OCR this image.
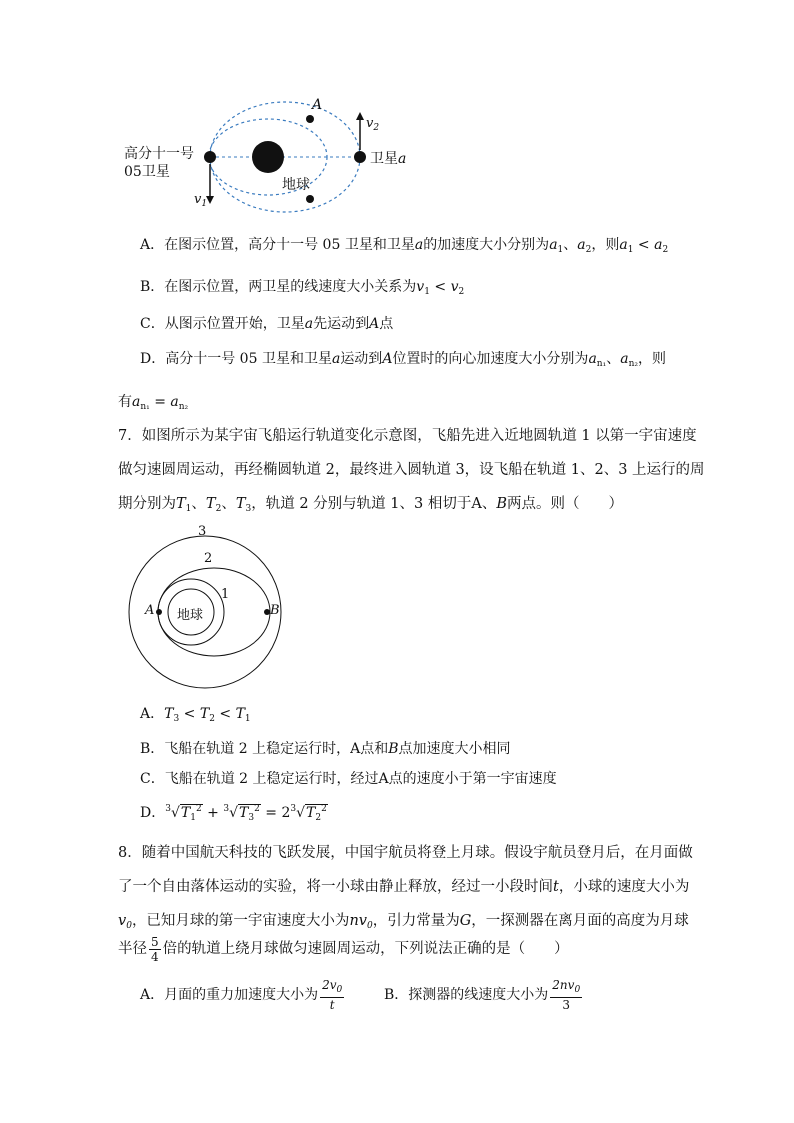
高分十一号
05卫星
A
$v_2$
$v_1$
卫星a
地球
A．在图示位置，高分十一号 05 卫星和卫星a的加速度大小分别为$a_1$、$a_2$，则$a_1 < a_2$
B．在图示位置，两卫星的线速度大小关系为$v_1 < v_2$
C．从图示位置开始，卫星a先运动到A点
D．高分十一号 05 卫星和卫星a运动到A位置时的向心加速度大小分别为$a_{n_1}$、$a_{n_2}$，则
有$a_{n_1} = a_{n_2}$
7．如图所示为某宇宙飞船运行轨道变化示意图，飞船先进入近地圆轨道 1 以第一宇宙速度
做匀速圆周运动，再经椭圆轨道 2，最终进入圆轨道 3，设飞船在轨道 1、2、3 上运行的周
期分别为$T_1$、$T_2$、$T_3$，轨道 2 分别与轨道 1、3 相切于A、B两点。则（　　）
3
2
1
A	B
地球
A．$T_3 < T_2 < T_1$
B．飞船在轨道 2 上稳定运行时，A点和B点加速度大小相同
C．飞船在轨道 2 上稳定运行时，经过A点的速度小于第一宇宙速度
D．$^3√T_1^2 + ^3√T_3^2 = 2^3√T_2^2$
8．随着中国航天科技的飞跃发展，中国宇航员将登上月球。假设宇航员登月后，在月面做
了一个自由落体运动的实验，将一小球由静止释放，经过一小段时间t，小球的速度大小为
$v_0$，已知月球的第一宇宙速度大小为$nv_0$，引力常量为G，一探测器在离月面的高度为月球
半径 $\frac{5}{4}$ 倍的轨道上绕月球做匀速圆周运动，下列说法正确的是（　　）
A．月面的重力加速度大小为 $\frac{2v_0}{t}$	B．探测器的线速度大小为 $\frac{2nv_0}{3}$
